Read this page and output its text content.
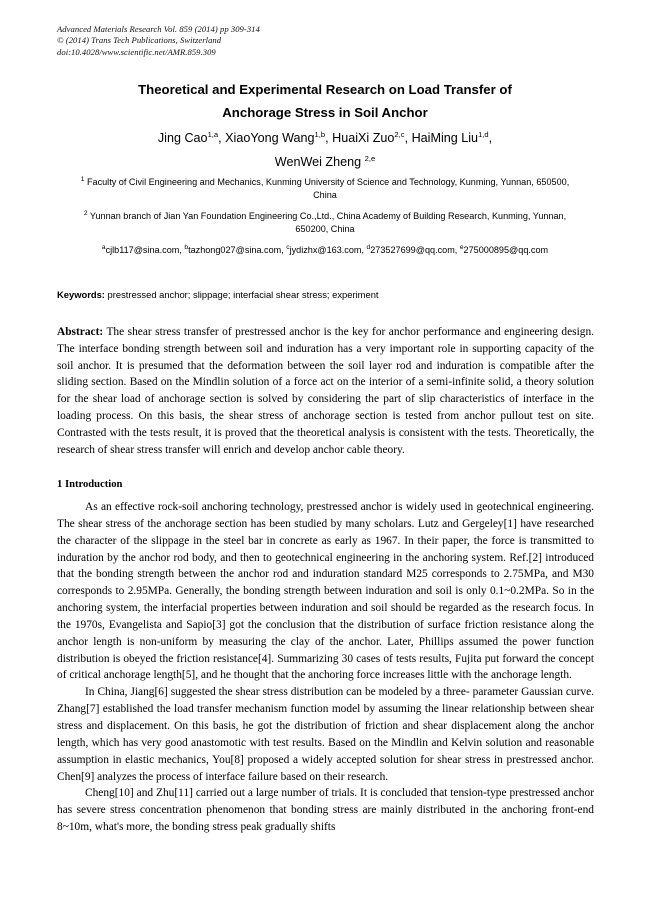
Advanced Materials Research Vol. 859 (2014) pp 309-314
© (2014) Trans Tech Publications, Switzerland
doi:10.4028/www.scientific.net/AMR.859.309
Theoretical and Experimental Research on Load Transfer of
Anchorage Stress in Soil Anchor
Jing Cao$^{1,a}$, XiaoYong Wang$^{1,b}$, HuaiXi Zuo$^{2,c}$, HaiMing Liu$^{1,d}$,
WenWei Zheng $^{2,e}$
$^1$ Faculty of Civil Engineering and Mechanics, Kunming University of Science and Technology, Kunming, Yunnan, 650500, China
$^2$ Yunnan branch of Jian Yan Foundation Engineering Co.,Ltd., China Academy of Building Research, Kunming, Yunnan, 650200, China
$^a$cjlb117@sina.com, $^b$tazhong027@sina.com, $^c$jydizhx@163.com, $^d$273527699@qq.com, $^e$275000895@qq.com
Keywords: prestressed anchor; slippage; interfacial shear stress; experiment
Abstract: The shear stress transfer of prestressed anchor is the key for anchor performance and engineering design. The interface bonding strength between soil and induration has a very important role in supporting capacity of the soil anchor. It is presumed that the deformation between the soil layer rod and induration is compatible after the sliding section. Based on the Mindlin solution of a force act on the interior of a semi-infinite solid, a theory solution for the shear load of anchorage section is solved by considering the part of slip characteristics of interface in the loading process. On this basis, the shear stress of anchorage section is tested from anchor pullout test on site. Contrasted with the tests result, it is proved that the theoretical analysis is consistent with the tests. Theoretically, the research of shear stress transfer will enrich and develop anchor cable theory.
1 Introduction

As an effective rock-soil anchoring technology, prestressed anchor is widely used in geotechnical engineering. The shear stress of the anchorage section has been studied by many scholars. Lutz and Gergeley[1] have researched the character of the slippage in the steel bar in concrete as early as 1967. In their paper, the force is transmitted to induration by the anchor rod body, and then to geotechnical engineering in the anchoring system. Ref.[2] introduced that the bonding strength between the anchor rod and induration standard M25 corresponds to 2.75MPa, and M30 corresponds to 2.95MPa. Generally, the bonding strength between induration and soil is only 0.1~0.2MPa. So in the anchoring system, the interfacial properties between induration and soil should be regarded as the research focus. In the 1970s, Evangelista and Sapio[3] got the conclusion that the distribution of surface friction resistance along the anchor length is non-uniform by measuring the clay of the anchor. Later, Phillips assumed the power function distribution is obeyed the friction resistance[4]. Summarizing 30 cases of tests results, Fujita put forward the concept of critical anchorage length[5], and he thought that the anchoring force increases little with the anchorage length.

In China, Jiang[6] suggested the shear stress distribution can be modeled by a three- parameter Gaussian curve. Zhang[7] established the load transfer mechanism function model by assuming the linear relationship between shear stress and displacement. On this basis, he got the distribution of friction and shear displacement along the anchor length, which has very good anastomotic with test results. Based on the Mindlin and Kelvin solution and reasonable assumption in elastic mechanics, You[8] proposed a widely accepted solution for shear stress in prestressed anchor. Chen[9] analyzes the process of interface failure based on their research.

Cheng[10] and Zhu[11] carried out a large number of trials. It is concluded that tension-type prestressed anchor has severe stress concentration phenomenon that bonding stress are mainly distributed in the anchoring front-end 8~10m, what's more, the bonding stress peak gradually shifts
